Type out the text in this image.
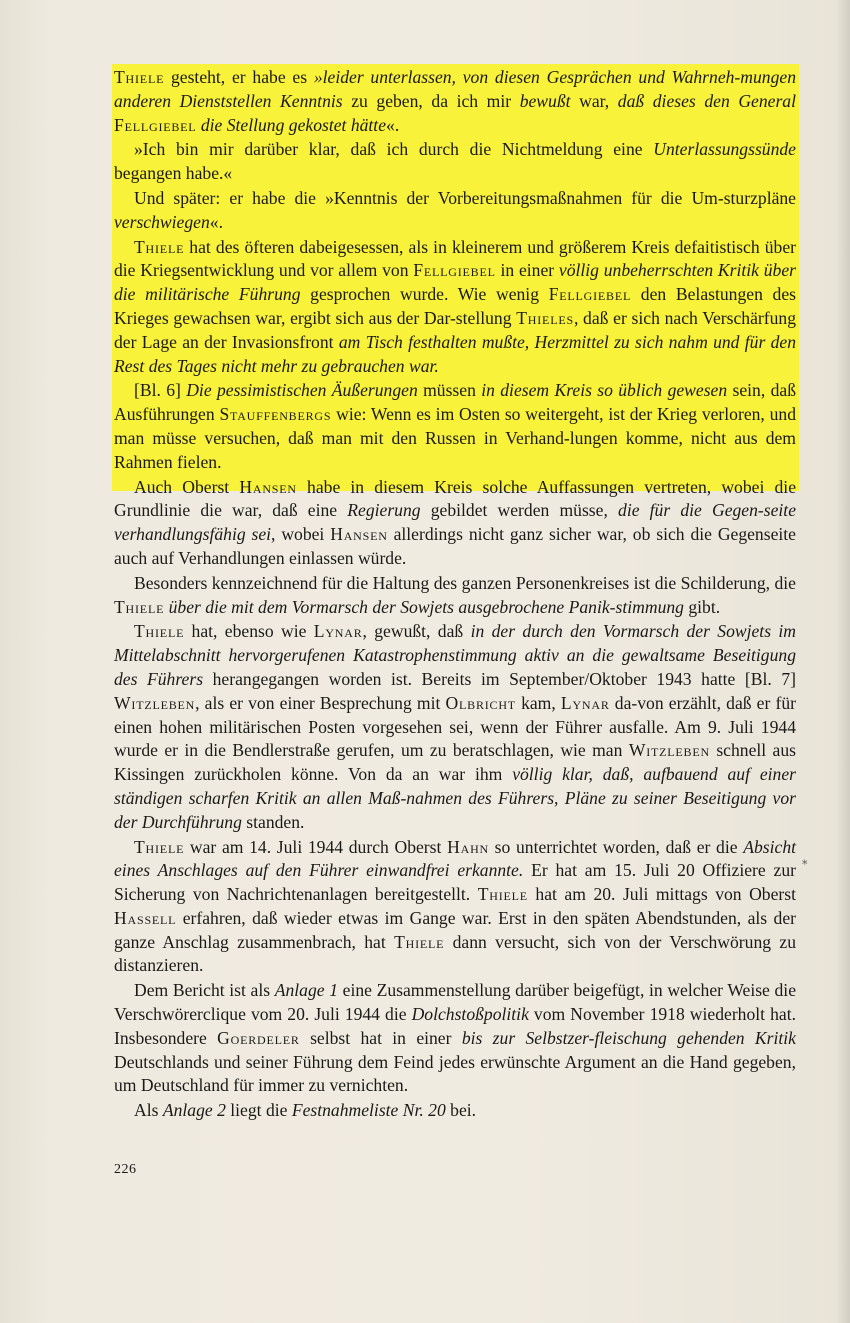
Thiele gesteht, er habe es »leider unterlassen, von diesen Gesprächen und Wahrneh-mungen anderen Dienststellen Kenntnis zu geben, da ich mir bewußt war, daß dieses den General Fellgiebel die Stellung gekostet hätte«.

»Ich bin mir darüber klar, daß ich durch die Nichtmeldung eine Unterlassungssünde begangen habe.«

Und später: er habe die »Kenntnis der Vorbereitungsmaßnahmen für die Um-sturzpläne verschwiegen«.

Thiele hat des öfteren dabeigesessen, als in kleinerem und größerem Kreis defaitistisch über die Kriegsentwicklung und vor allem von Fellgiebel in einer völlig unbeherrschten Kritik über die militärische Führung gesprochen wurde. Wie wenig Fellgiebel den Belastungen des Krieges gewachsen war, ergibt sich aus der Dar-stellung Thieles, daß er sich nach Verschärfung der Lage an der Invasionsfront am Tisch festhalten mußte, Herzmittel zu sich nahm und für den Rest des Tages nicht mehr zu gebrauchen war.

[Bl. 6] Die pessimistischen Äußerungen müssen in diesem Kreis so üblich gewesen sein, daß Ausführungen Stauffenbergs wie: Wenn es im Osten so weitergeht, ist der Krieg verloren, und man müsse versuchen, daß man mit den Russen in Verhand-lungen komme, nicht aus dem Rahmen fielen.

Auch Oberst Hansen habe in diesem Kreis solche Auffassungen vertreten, wobei die Grundlinie die war, daß eine Regierung gebildet werden müsse, die für die Gegen-seite verhandlungsfähig sei, wobei Hansen allerdings nicht ganz sicher war, ob sich die Gegenseite auch auf Verhandlungen einlassen würde.

Besonders kennzeichnend für die Haltung des ganzen Personenkreises ist die Schilderung, die Thiele über die mit dem Vormarsch der Sowjets ausgebrochene Panik-stimmung gibt.

Thiele hat, ebenso wie Lynar, gewußt, daß in der durch den Vormarsch der Sowjets im Mittelabschnitt hervorgerufenen Katastrophenstimmung aktiv an die gewaltsame Beseitigung des Führers herangegangen worden ist. Bereits im September/Oktober 1943 hatte [Bl. 7] Witzleben, als er von einer Besprechung mit Olbricht kam, Lynar da-von erzählt, daß er für einen hohen militärischen Posten vorgesehen sei, wenn der Führer ausfalle. Am 9. Juli 1944 wurde er in die Bendlerstraße gerufen, um zu beratschlagen, wie man Witzleben schnell aus Kissingen zurückholen könne. Von da an war ihm völlig klar, daß, aufbauend auf einer ständigen scharfen Kritik an allen Maß-nahmen des Führers, Pläne zu seiner Beseitigung vor der Durchführung standen.

Thiele war am 14. Juli 1944 durch Oberst Hahn so unterrichtet worden, daß er die Absicht eines Anschlages auf den Führer einwandfrei erkannte. Er hat am 15. Juli 20 Offiziere zur Sicherung von Nachrichtenanlagen bereitgestellt. Thiele hat am 20. Juli mittags von Oberst Hassell erfahren, daß wieder etwas im Gange war. Erst in den späten Abendstunden, als der ganze Anschlag zusammenbrach, hat Thiele dann versucht, sich von der Verschwörung zu distanzieren.

Dem Bericht ist als Anlage 1 eine Zusammenstellung darüber beigefügt, in welcher Weise die Verschwörerclique vom 20. Juli 1944 die Dolchstoßpolitik vom November 1918 wiederholt hat. Insbesondere Goerdeler selbst hat in einer bis zur Selbstzer-fleischung gehenden Kritik Deutschlands und seiner Führung dem Feind jedes erwünschte Argument an die Hand gegeben, um Deutschland für immer zu vernichten.

Als Anlage 2 liegt die Festnahmeliste Nr. 20 bei.

226
*
